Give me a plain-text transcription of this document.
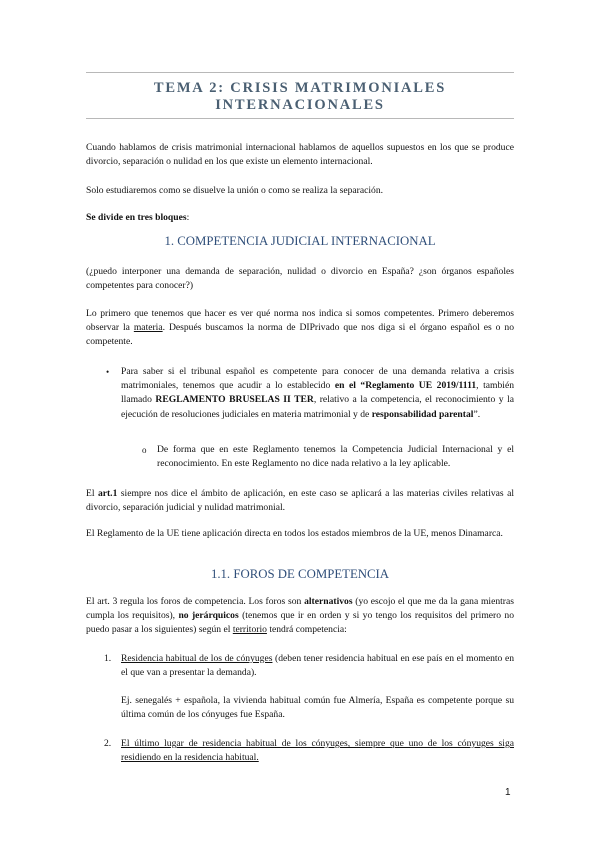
TEMA 2: CRISIS MATRIMONIALES
INTERNACIONALES

Cuando hablamos de crisis matrimonial internacional hablamos de aquellos supuestos en los que se produce divorcio, separación o nulidad en los que existe un elemento internacional.

Solo estudiaremos como se disuelve la unión o como se realiza la separación.

Se divide en tres bloques:

1. COMPETENCIA JUDICIAL INTERNACIONAL

(¿puedo interponer una demanda de separación, nulidad o divorcio en España? ¿son órganos españoles competentes para conocer?)

Lo primero que tenemos que hacer es ver qué norma nos indica si somos competentes. Primero deberemos observar la materia. Después buscamos la norma de DIPrivado que nos diga si el órgano español es o no competente.

• Para saber si el tribunal español es competente para conocer de una demanda relativa a crisis matrimoniales, tenemos que acudir a lo establecido en el “Reglamento UE 2019/1111, también llamado REGLAMENTO BRUSELAS II TER, relativo a la competencia, el reconocimiento y la ejecución de resoluciones judiciales en materia matrimonial y de responsabilidad parental”.

o De forma que en este Reglamento tenemos la Competencia Judicial Internacional y el reconocimiento. En este Reglamento no dice nada relativo a la ley aplicable.

El art.1 siempre nos dice el ámbito de aplicación, en este caso se aplicará a las materias civiles relativas al divorcio, separación judicial y nulidad matrimonial.

El Reglamento de la UE tiene aplicación directa en todos los estados miembros de la UE, menos Dinamarca.

1.1. FOROS DE COMPETENCIA

El art. 3 regula los foros de competencia. Los foros son alternativos (yo escojo el que me da la gana mientras cumpla los requisitos), no jerárquicos (tenemos que ir en orden y si yo tengo los requisitos del primero no puedo pasar a los siguientes) según el territorio tendrá competencia:

1. Residencia habitual de los de cónyuges (deben tener residencia habitual en ese país en el momento en el que van a presentar la demanda).

Ej. senegalés + española, la vivienda habitual común fue Almería, España es competente porque su última común de los cónyuges fue España.

2. El último lugar de residencia habitual de los cónyuges, siempre que uno de los cónyuges siga residiendo en la residencia habitual.

1
